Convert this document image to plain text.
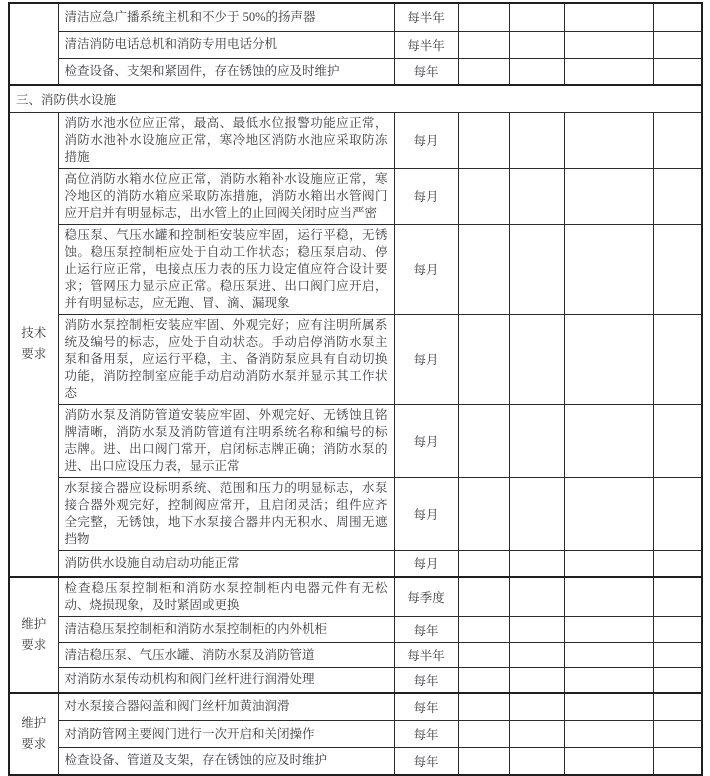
	清洁应急广播系统主机和不少于 50%的扬声器	每半年				
	清洁消防电话总机和消防专用电话分机	每半年				
	检查设备、支架和紧固件，存在锈蚀的应及时维护	每年				
三、消防供水设施						
技术要求	消防水池水位应正常，最高、最低水位报警功能应正常，消防水池补水设施应正常，寒冷地区消防水池应采取防冻措施	每月				
	高位消防水箱水位应正常，消防水箱补水设施应正常，寒冷地区的消防水箱应采取防冻措施，消防水箱出水管阀门应开启并有明显标志，出水管上的止回阀关闭时应当严密	每月				
	稳压泵、气压水罐和控制柜安装应牢固，运行平稳，无锈蚀。稳压泵控制柜应处于自动工作状态；稳压泵启动、停止运行应正常，电接点压力表的压力设定值应符合设计要求；管网压力显示应正常。稳压泵进、出口阀门应开启，并有明显标志，应无跑、冒、滴、漏现象	每月				
	消防水泵控制柜安装应牢固、外观完好；应有注明所属系统及编号的标志，应处于自动状态。手动启停消防水泵主泵和备用泵，应运行平稳，主、备消防泵应具有自动切换功能，消防控制室应能手动启动消防水泵并显示其工作状态	每月				
	消防水泵及消防管道安装应牢固、外观完好、无锈蚀且铭牌清晰，消防水泵及消防管道有注明系统名称和编号的标志牌。进、出口阀门常开，启闭标志牌正确；消防水泵的进、出口应设压力表，显示正常	每月				
	水泵接合器应设标明系统、范围和压力的明显标志，水泵接合器外观完好，控制阀应常开，且启闭灵活；组件应齐全完整，无锈蚀，地下水泵接合器井内无积水、周围无遮挡物	每月				
	消防供水设施自动启动功能正常	每月				
维护要求	检查稳压泵控制柜和消防水泵控制柜内电器元件有无松动、烧损现象，及时紧固或更换	每季度				
	清洁稳压泵控制柜和消防水泵控制柜的内外机柜	每年				
	清洁稳压泵、气压水罐、消防水泵及消防管道	每半年				
	对消防水泵传动机构和阀门丝杆进行润滑处理	每年				
维护要求	对水泵接合器闷盖和阀门丝杆加黄油润滑	每年				
	对消防管网主要阀门进行一次开启和关闭操作	每年				
	检查设备、管道及支架，存在锈蚀的应及时维护	每年				
